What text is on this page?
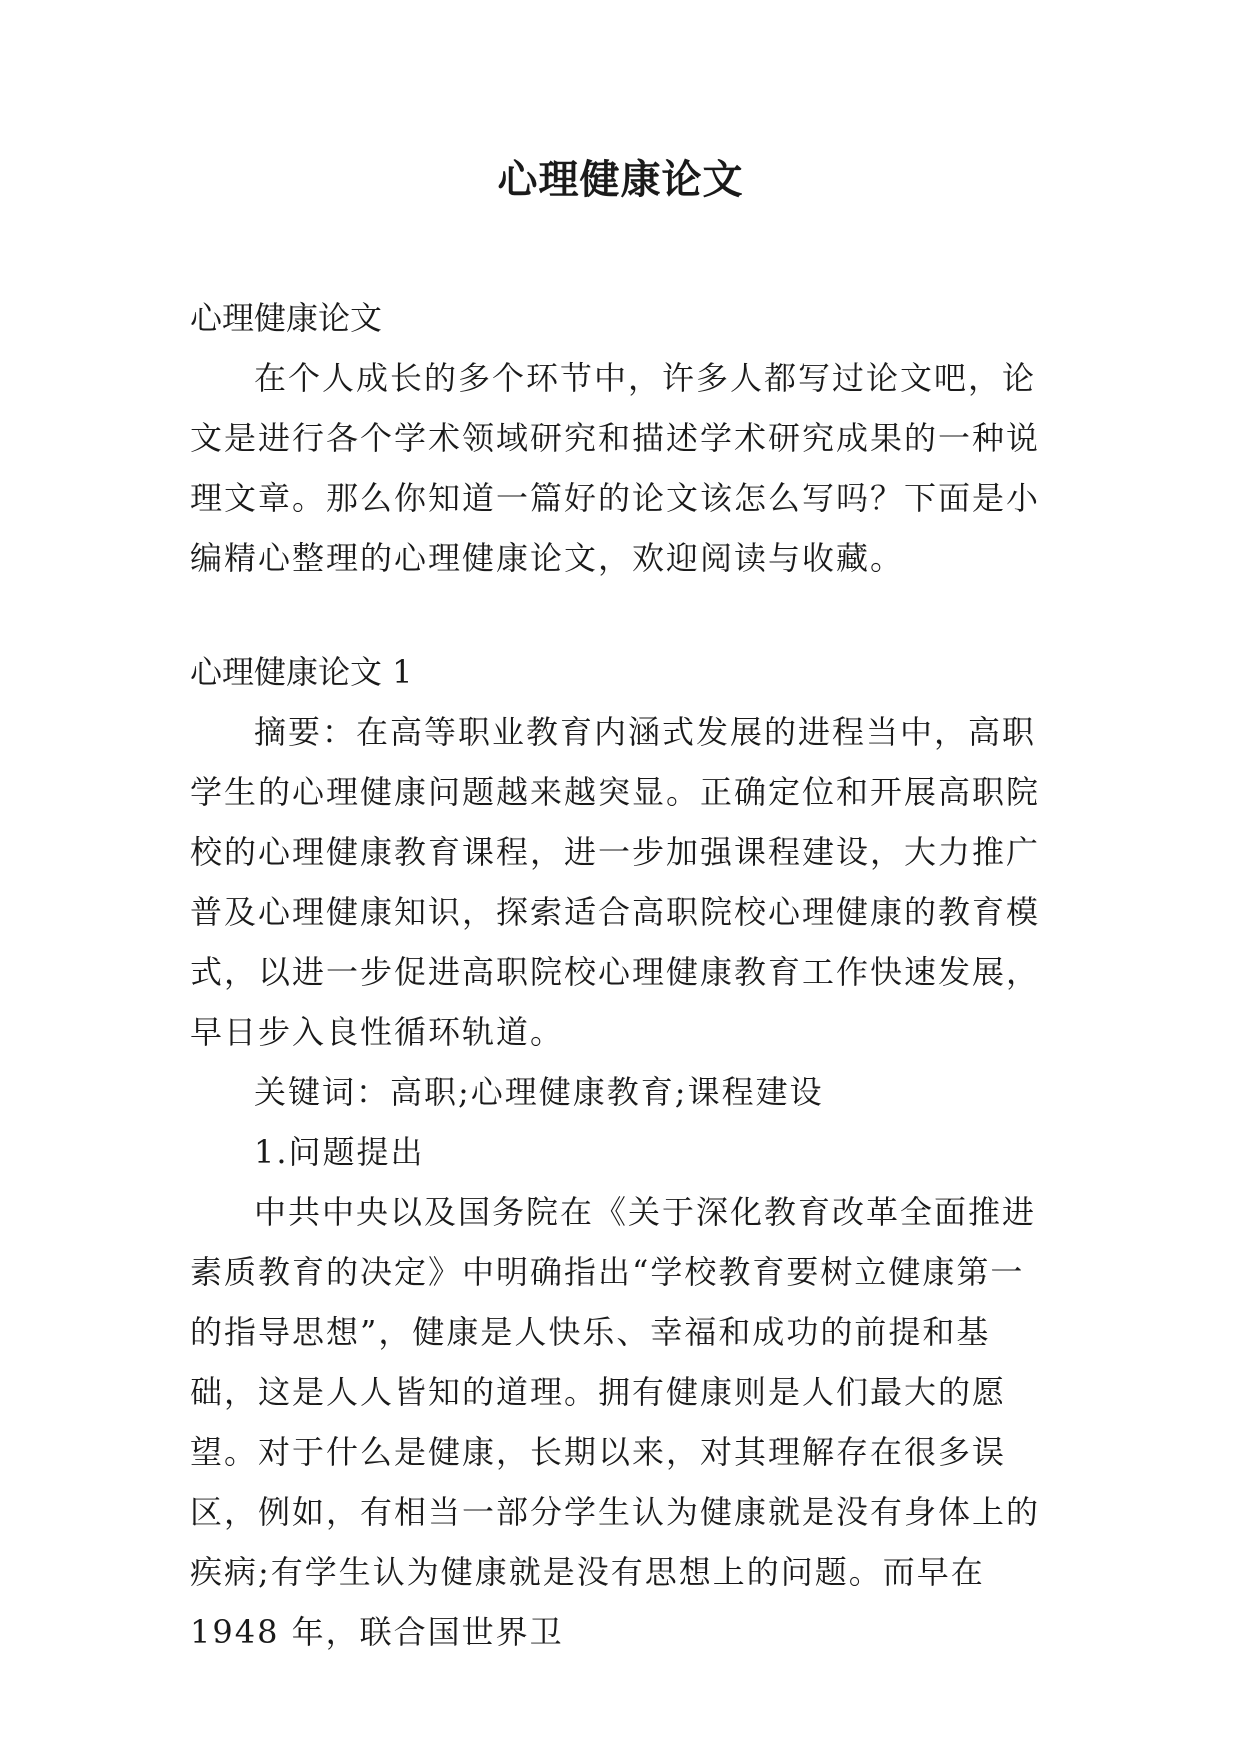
心理健康论文

心理健康论文

在个人成长的多个环节中，许多人都写过论文吧，论文是进行各个学术领域研究和描述学术研究成果的一种说理文章。那么你知道一篇好的论文该怎么写吗？下面是小编精心整理的心理健康论文，欢迎阅读与收藏。

心理健康论文 1

摘要：在高等职业教育内涵式发展的进程当中，高职学生的心理健康问题越来越突显。正确定位和开展高职院校的心理健康教育课程，进一步加强课程建设，大力推广普及心理健康知识，探索适合高职院校心理健康的教育模式，以进一步促进高职院校心理健康教育工作快速发展，早日步入良性循环轨道。

关键词：高职;心理健康教育;课程建设

1.问题提出

中共中央以及国务院在《关于深化教育改革全面推进素质教育的决定》中明确指出“学校教育要树立健康第一的指导思想”，健康是人快乐、幸福和成功的前提和基础，这是人人皆知的道理。拥有健康则是人们最大的愿望。对于什么是健康，长期以来，对其理解存在很多误区，例如，有相当一部分学生认为健康就是没有身体上的疾病;有学生认为健康就是没有思想上的问题。而早在 1948 年，联合国世界卫
